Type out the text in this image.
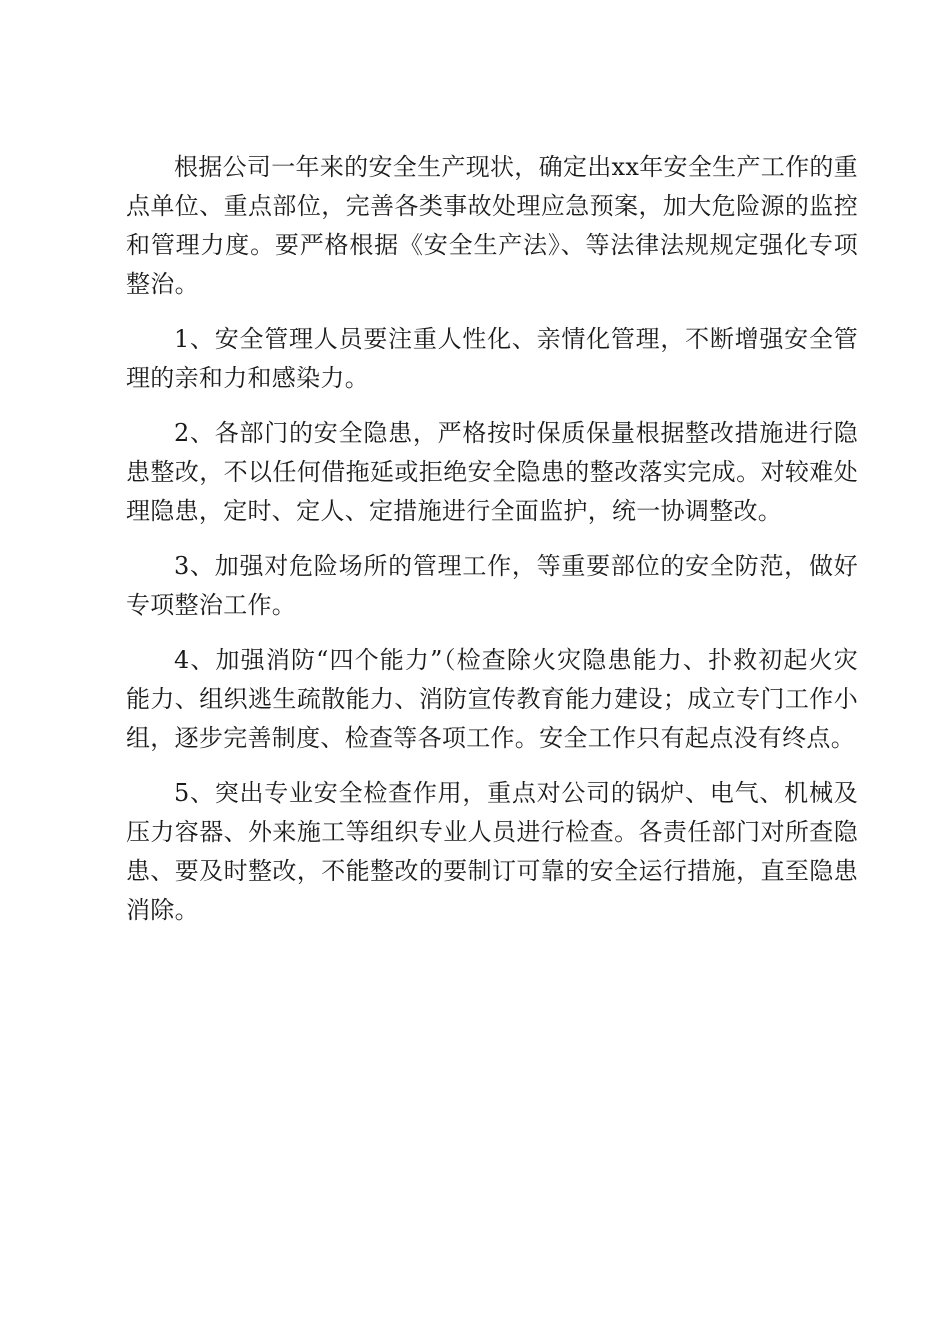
根据公司一年来的安全生产现状，确定出xx年安全生产工作的重点单位、重点部位，完善各类事故处理应急预案，加大危险源的监控和管理力度。要严格根据《安全生产法》、等法律法规规定强化专项整治。

1、安全管理人员要注重人性化、亲情化管理，不断增强安全管理的亲和力和感染力。

2、各部门的安全隐患，严格按时保质保量根据整改措施进行隐患整改，不以任何借拖延或拒绝安全隐患的整改落实完成。对较难处理隐患，定时、定人、定措施进行全面监护，统一协调整改。

3、加强对危险场所的管理工作，等重要部位的安全防范，做好专项整治工作。

4、加强消防“四个能力”（检查除火灾隐患能力、扑救初起火灾能力、组织逃生疏散能力、消防宣传教育能力建设；成立专门工作小组，逐步完善制度、检查等各项工作。安全工作只有起点没有终点。

5、突出专业安全检查作用，重点对公司的锅炉、电气、机械及压力容器、外来施工等组织专业人员进行检查。各责任部门对所查隐患、要及时整改，不能整改的要制订可靠的安全运行措施，直至隐患消除。
